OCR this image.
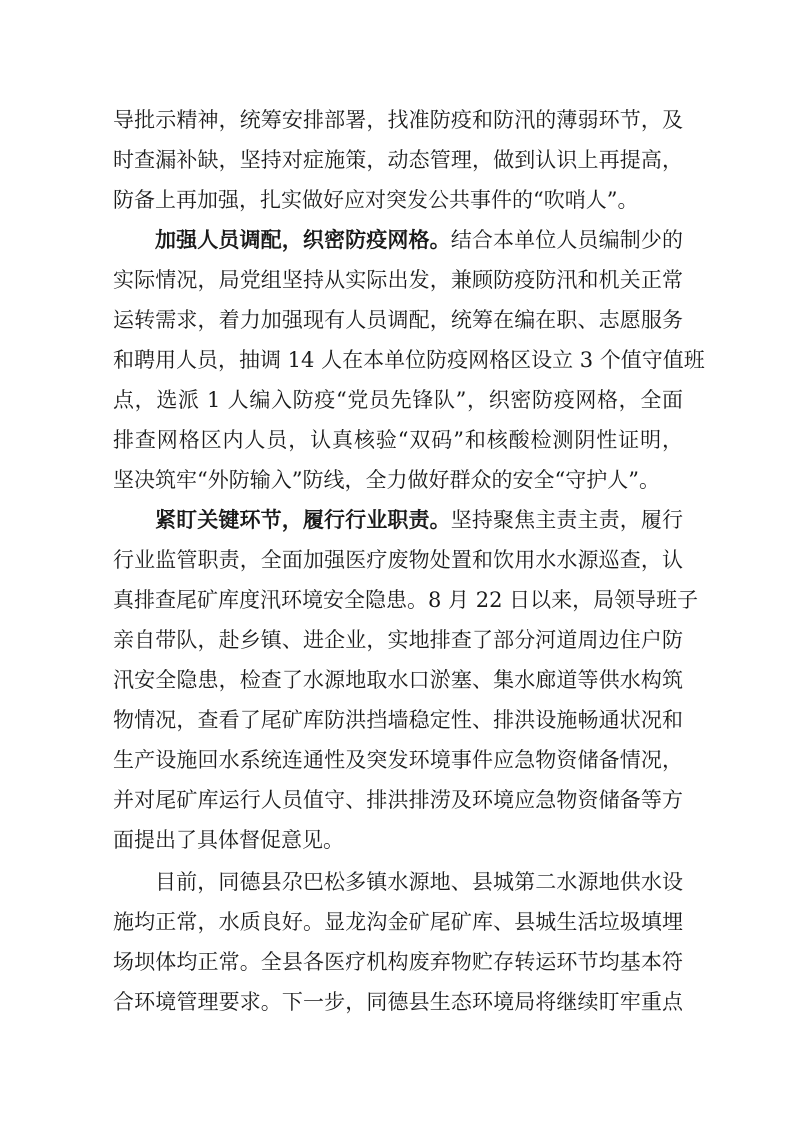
导批示精神，统筹安排部署，找准防疫和防汛的薄弱环节，及
时查漏补缺，坚持对症施策，动态管理，做到认识上再提高，
防备上再加强，扎实做好应对突发公共事件的“吹哨人”。
加强人员调配，织密防疫网格。结合本单位人员编制少的
实际情况，局党组坚持从实际出发，兼顾防疫防汛和机关正常
运转需求，着力加强现有人员调配，统筹在编在职、志愿服务
和聘用人员，抽调 14 人在本单位防疫网格区设立 3 个值守值班
点，选派 1 人编入防疫“党员先锋队”，织密防疫网格，全面
排查网格区内人员，认真核验“双码”和核酸检测阴性证明，
坚决筑牢“外防输入”防线，全力做好群众的安全“守护人”。
紧盯关键环节，履行行业职责。坚持聚焦主责主责，履行
行业监管职责，全面加强医疗废物处置和饮用水水源巡查，认
真排查尾矿库度汛环境安全隐患。8 月 22 日以来，局领导班子
亲自带队，赴乡镇、进企业，实地排查了部分河道周边住户防
汛安全隐患，检查了水源地取水口淤塞、集水廊道等供水构筑
物情况，查看了尾矿库防洪挡墙稳定性、排洪设施畅通状况和
生产设施回水系统连通性及突发环境事件应急物资储备情况，
并对尾矿库运行人员值守、排洪排涝及环境应急物资储备等方
面提出了具体督促意见。
目前，同德县尕巴松多镇水源地、县城第二水源地供水设
施均正常，水质良好。显龙沟金矿尾矿库、县城生活垃圾填埋
场坝体均正常。全县各医疗机构废弃物贮存转运环节均基本符
合环境管理要求。下一步，同德县生态环境局将继续盯牢重点
